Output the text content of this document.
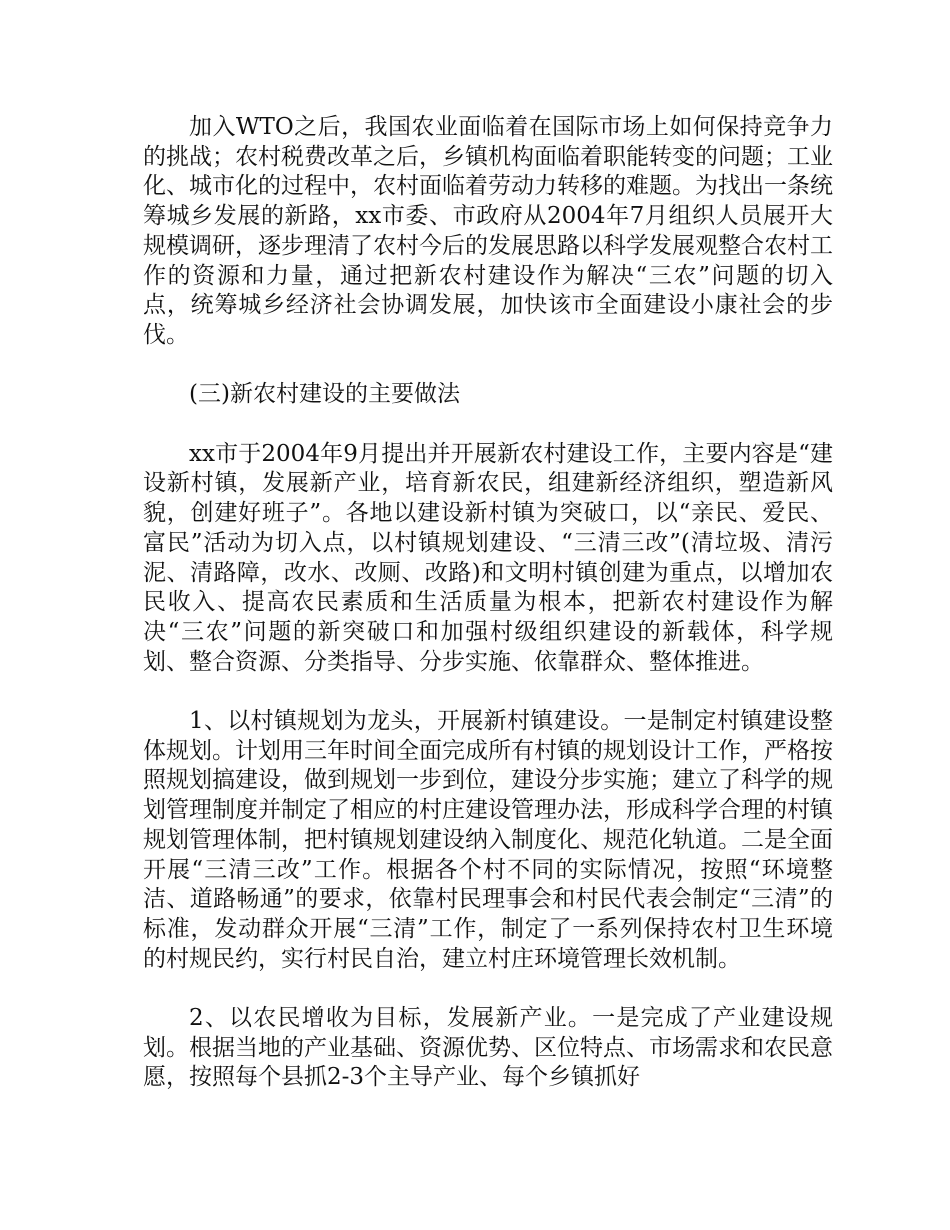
加入WTO之后，我国农业面临着在国际市场上如何保持竞争力的挑战；农村税费改革之后，乡镇机构面临着职能转变的问题；工业化、城市化的过程中，农村面临着劳动力转移的难题。为找出一条统筹城乡发展的新路，xx市委、市政府从2004年7月组织人员展开大规模调研，逐步理清了农村今后的发展思路以科学发展观整合农村工作的资源和力量，通过把新农村建设作为解决“三农”问题的切入点，统筹城乡经济社会协调发展，加快该市全面建设小康社会的步伐。

(三)新农村建设的主要做法

xx市于2004年9月提出并开展新农村建设工作，主要内容是“建设新村镇，发展新产业，培育新农民，组建新经济组织，塑造新风貌，创建好班子”。各地以建设新村镇为突破口，以“亲民、爱民、富民”活动为切入点，以村镇规划建设、“三清三改”(清垃圾、清污泥、清路障，改水、改厕、改路)和文明村镇创建为重点，以增加农民收入、提高农民素质和生活质量为根本，把新农村建设作为解决“三农”问题的新突破口和加强村级组织建设的新载体，科学规划、整合资源、分类指导、分步实施、依靠群众、整体推进。

1、以村镇规划为龙头，开展新村镇建设。一是制定村镇建设整体规划。计划用三年时间全面完成所有村镇的规划设计工作，严格按照规划搞建设，做到规划一步到位，建设分步实施；建立了科学的规划管理制度并制定了相应的村庄建设管理办法，形成科学合理的村镇规划管理体制，把村镇规划建设纳入制度化、规范化轨道。二是全面开展“三清三改”工作。根据各个村不同的实际情况，按照“环境整洁、道路畅通”的要求，依靠村民理事会和村民代表会制定“三清”的标准，发动群众开展“三清”工作，制定了一系列保持农村卫生环境的村规民约，实行村民自治，建立村庄环境管理长效机制。

2、以农民增收为目标，发展新产业。一是完成了产业建设规划。根据当地的产业基础、资源优势、区位特点、市场需求和农民意愿，按照每个县抓2-3个主导产业、每个乡镇抓好
